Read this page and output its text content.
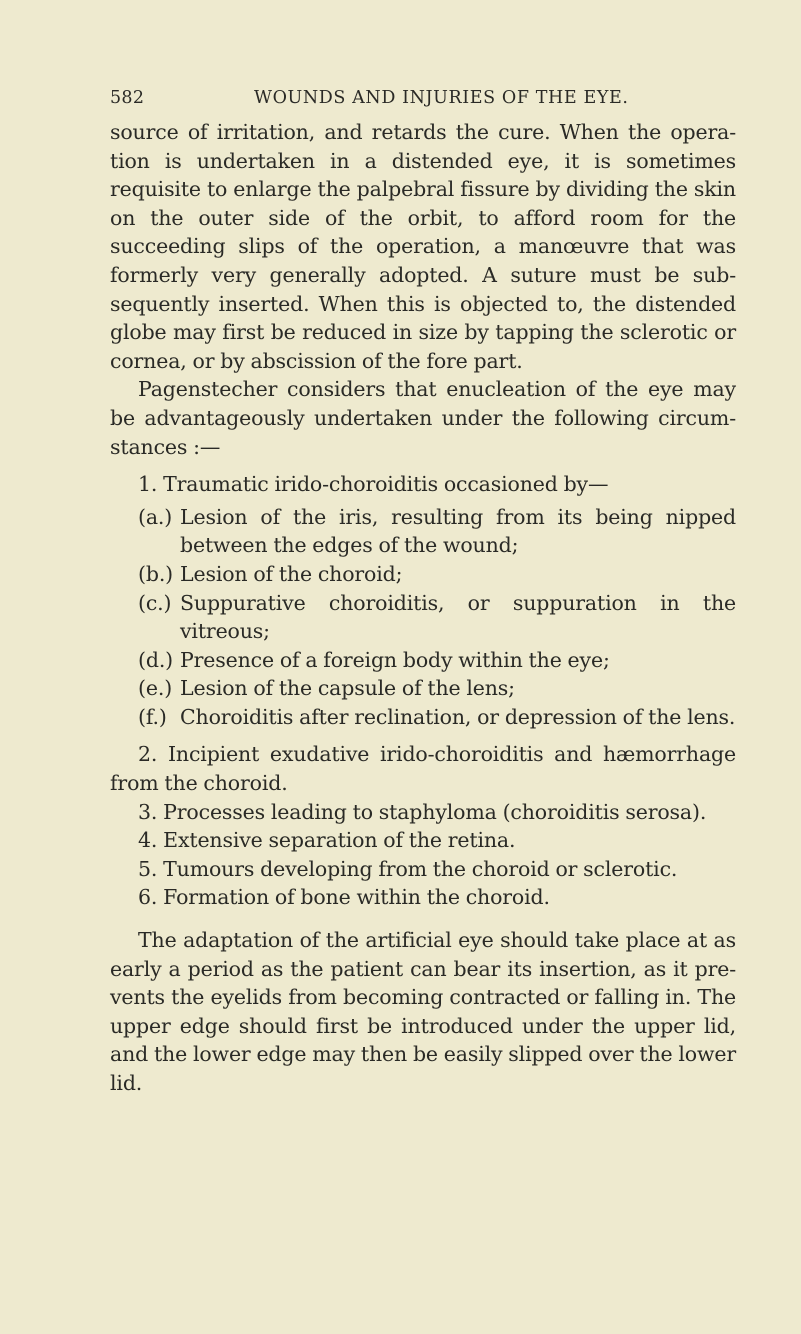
582	WOUNDS AND INJURIES OF THE EYE.

source of irritation, and retards the cure. When the opera- tion is undertaken in a distended eye, it is sometimes requisite to enlarge the palpebral fissure by dividing the skin on the outer side of the orbit, to afford room for the succeeding slips of the operation, a manœuvre that was formerly very generally adopted. A suture must be sub- sequently inserted. When this is objected to, the distended globe may first be reduced in size by tapping the sclerotic or cornea, or by abscission of the fore part.

Pagenstecher considers that enucleation of the eye may be advantageously undertaken under the following circum- stances :—

1. Traumatic irido-choroiditis occasioned by—

(a.) Lesion of the iris, resulting from its being nipped between the edges of the wound;

(b.) Lesion of the choroid;

(c.) Suppurative choroiditis, or suppuration in the vitreous;

(d.) Presence of a foreign body within the eye;

(e.) Lesion of the capsule of the lens;

(f.) Choroiditis after reclination, or depression of the lens.

2. Incipient exudative irido-choroiditis and hæmorrhage from the choroid.

3. Processes leading to staphyloma (choroiditis serosa).

4. Extensive separation of the retina.

5. Tumours developing from the choroid or sclerotic.

6. Formation of bone within the choroid.

The adaptation of the artificial eye should take place at as early a period as the patient can bear its insertion, as it pre- vents the eyelids from becoming contracted or falling in. The upper edge should first be introduced under the upper lid, and the lower edge may then be easily slipped over the lower lid.
